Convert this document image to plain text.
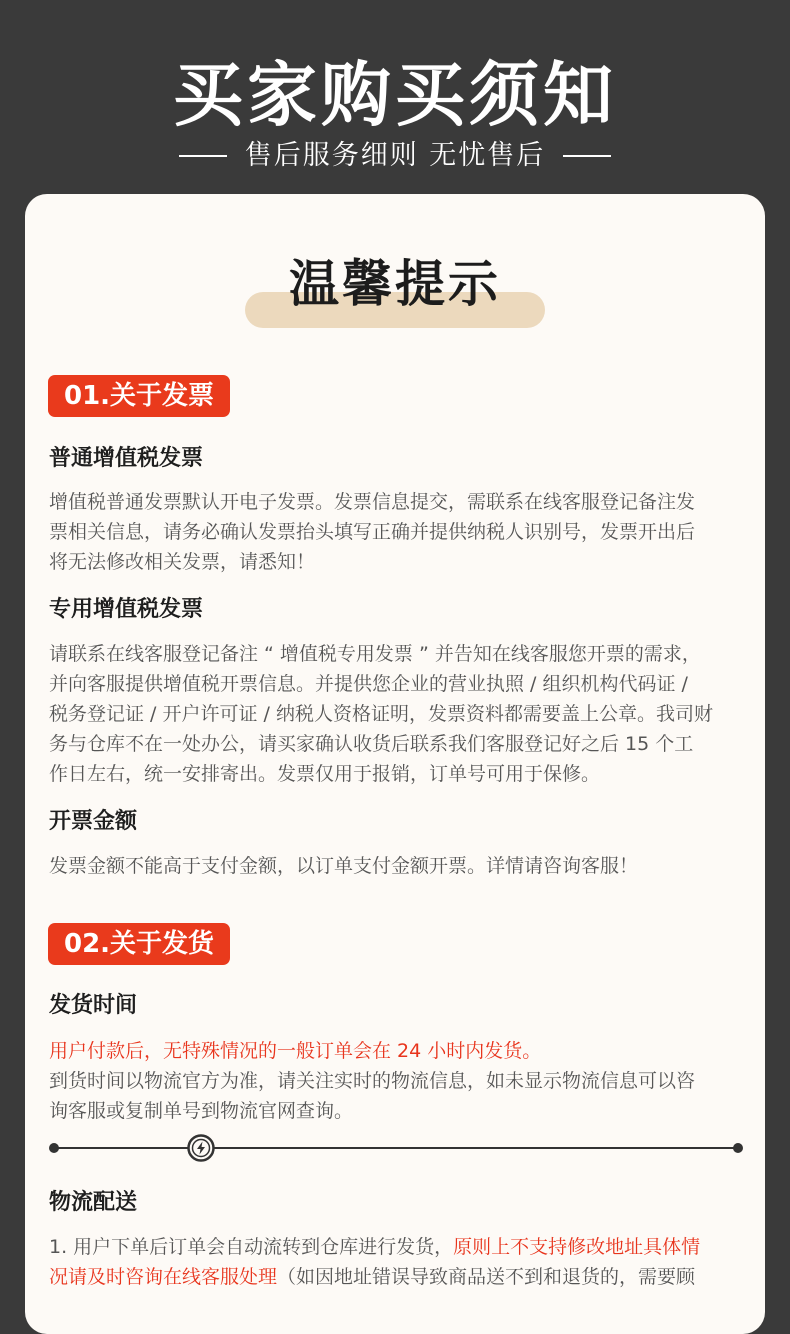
买家购买须知
售后服务细则 无忧售后
温馨提示
01.关于发票
普通增值税发票
增值税普通发票默认开电子发票。发票信息提交，需联系在线客服登记备注发
票相关信息，请务必确认发票抬头填写正确并提供纳税人识别号，发票开出后
将无法修改相关发票，请悉知！
专用增值税发票
请联系在线客服登记备注 “ 增值税专用发票 ” 并告知在线客服您开票的需求，
并向客服提供增值税开票信息。并提供您企业的营业执照 / 组织机构代码证 /
税务登记证 / 开户许可证 / 纳税人资格证明，发票资料都需要盖上公章。我司财
务与仓库不在一处办公，请买家确认收货后联系我们客服登记好之后 15 个工
作日左右，统一安排寄出。发票仅用于报销，订单号可用于保修。
开票金额
发票金额不能高于支付金额，以订单支付金额开票。详情请咨询客服！
02.关于发货
发货时间
用户付款后，无特殊情况的一般订单会在 24 小时内发货。
到货时间以物流官方为准，请关注实时的物流信息，如未显示物流信息可以咨
询客服或复制单号到物流官网查询。
物流配送
1. 用户下单后订单会自动流转到仓库进行发货，原则上不支持修改地址具体情
况请及时咨询在线客服处理（如因地址错误导致商品送不到和退货的，需要顾
